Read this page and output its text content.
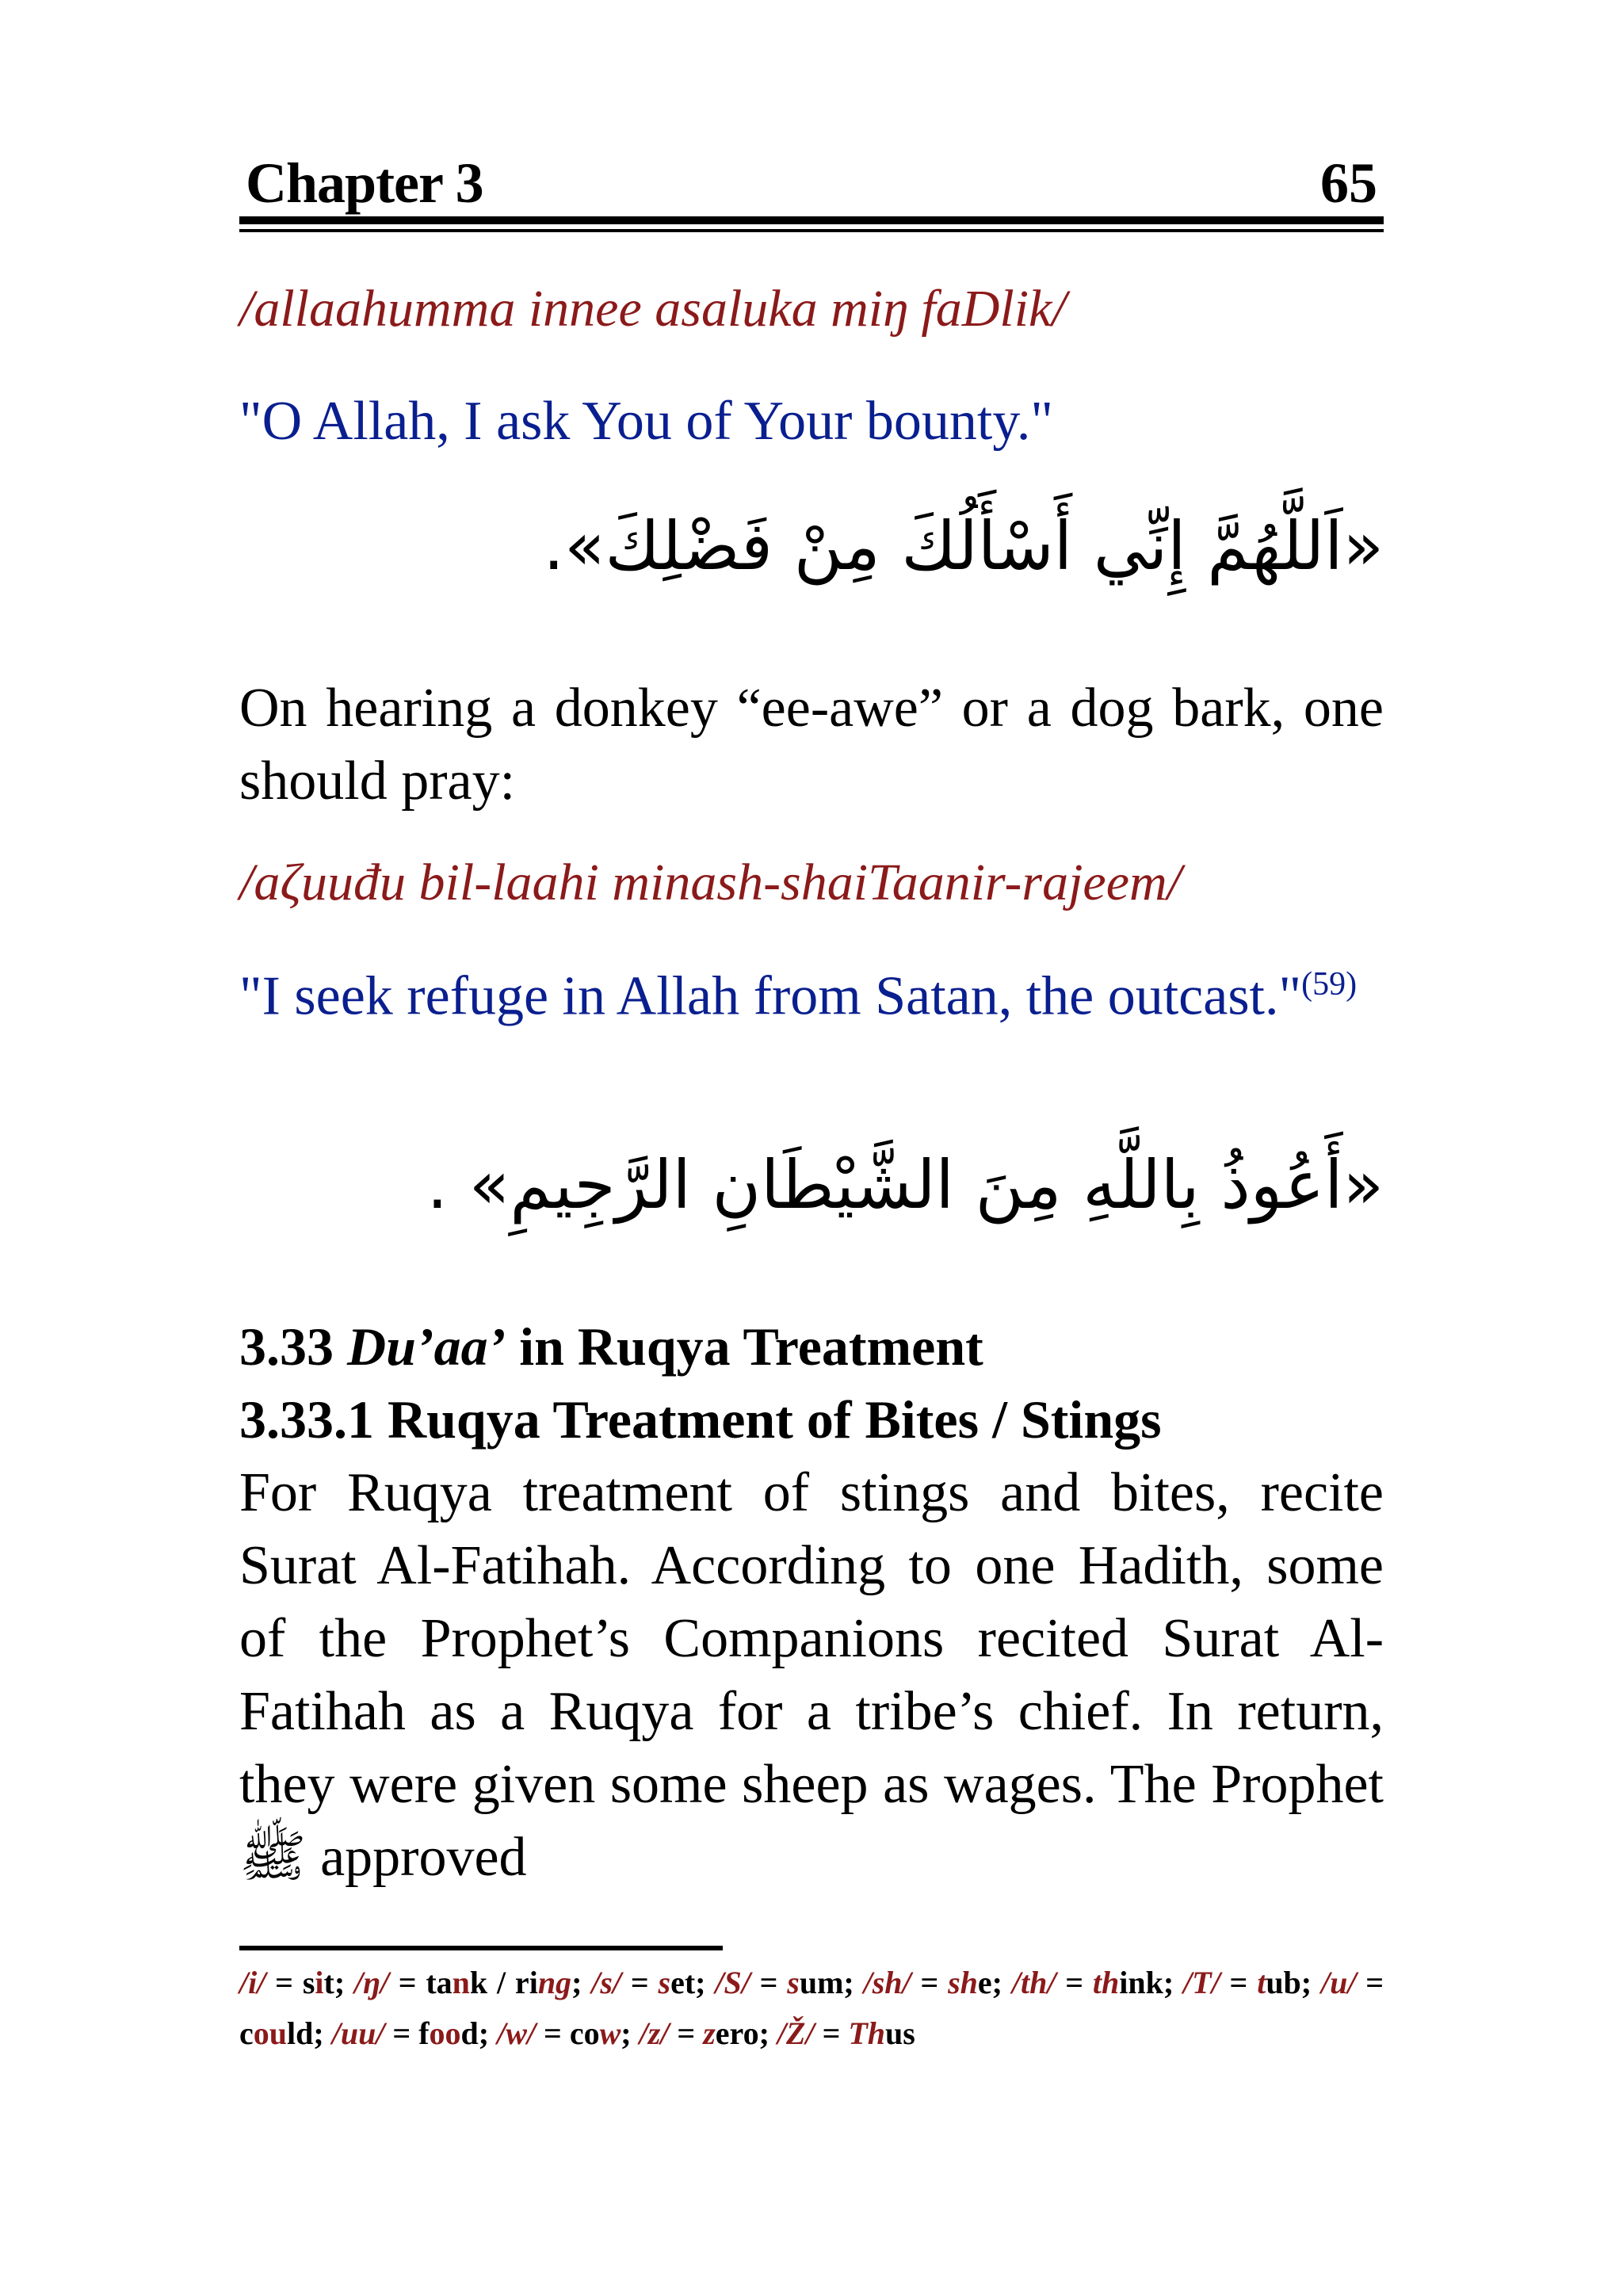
Chapter 3	65
/allaahumma innee asaluka miŋ faDlik/
"O Allah, I ask You of Your bounty."
«اَللَّهُمَّ إِنِّي أَسْأَلُكَ مِنْ فَضْلِكَ».
On hearing a donkey “ee-awe” or a dog bark, one should pray:
/aζuuđu bil-laahi minash-shaiTaanir-rajeem/
"I seek refuge in Allah from Satan, the outcast."$^{(59)}$
«أَعُوذُ بِاللَّهِ مِنَ الشَّيْطَانِ الرَّجِيمِ» .
3.33 Du’aa’ in Ruqya Treatment
3.33.1 Ruqya Treatment of Bites / Stings
For Ruqya treatment of stings and bites, recite Surat Al-Fatihah. According to one Hadith, some of the Prophet’s Companions recited Surat Al-Fatihah as a Ruqya for a tribe’s chief. In return, they were given some sheep as wages. The Prophet ﷺ approved
/i/ = sit; /ŋ/ = tank / ring; /s/ = set; /S/ = sum; /sh/ = she; /th/ = think; /T/ = tub; /u/ = could; /uu/ = food; /w/ = cow; /z/ = zero; /Ž/ = Thus
